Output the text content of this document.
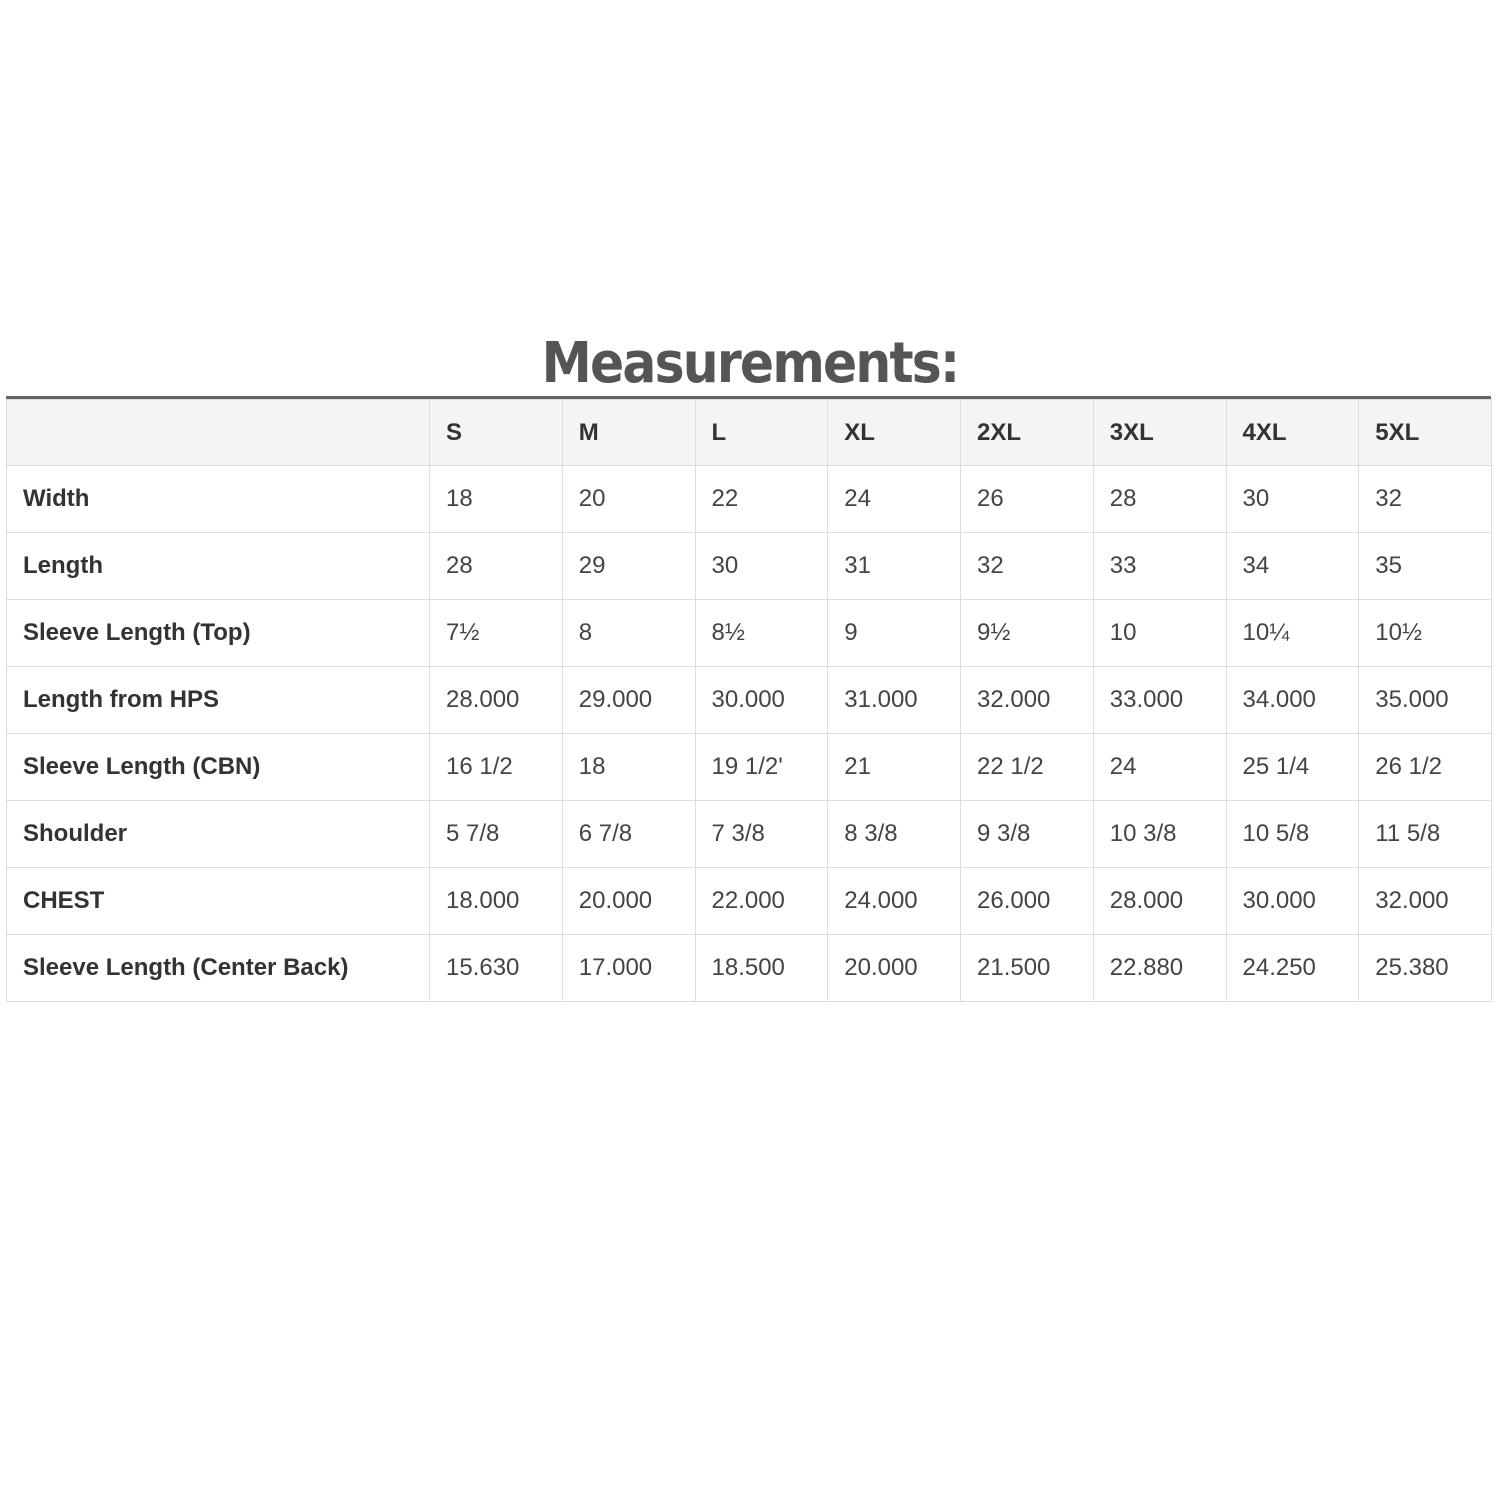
Measurements:
	S	M	L	XL	2XL	3XL	4XL	5XL
Width	18	20	22	24	26	28	30	32
Length	28	29	30	31	32	33	34	35
Sleeve Length (Top)	7½	8	8½	9	9½	10	10¼	10½
Length from HPS	28.000	29.000	30.000	31.000	32.000	33.000	34.000	35.000
Sleeve Length (CBN)	16 1/2	18	19 1/2'	21	22 1/2	24	25 1/4	26 1/2
Shoulder	5 7/8	6 7/8	7 3/8	8 3/8	9 3/8	10 3/8	10 5/8	11 5/8
CHEST	18.000	20.000	22.000	24.000	26.000	28.000	30.000	32.000
Sleeve Length (Center Back)	15.630	17.000	18.500	20.000	21.500	22.880	24.250	25.380
